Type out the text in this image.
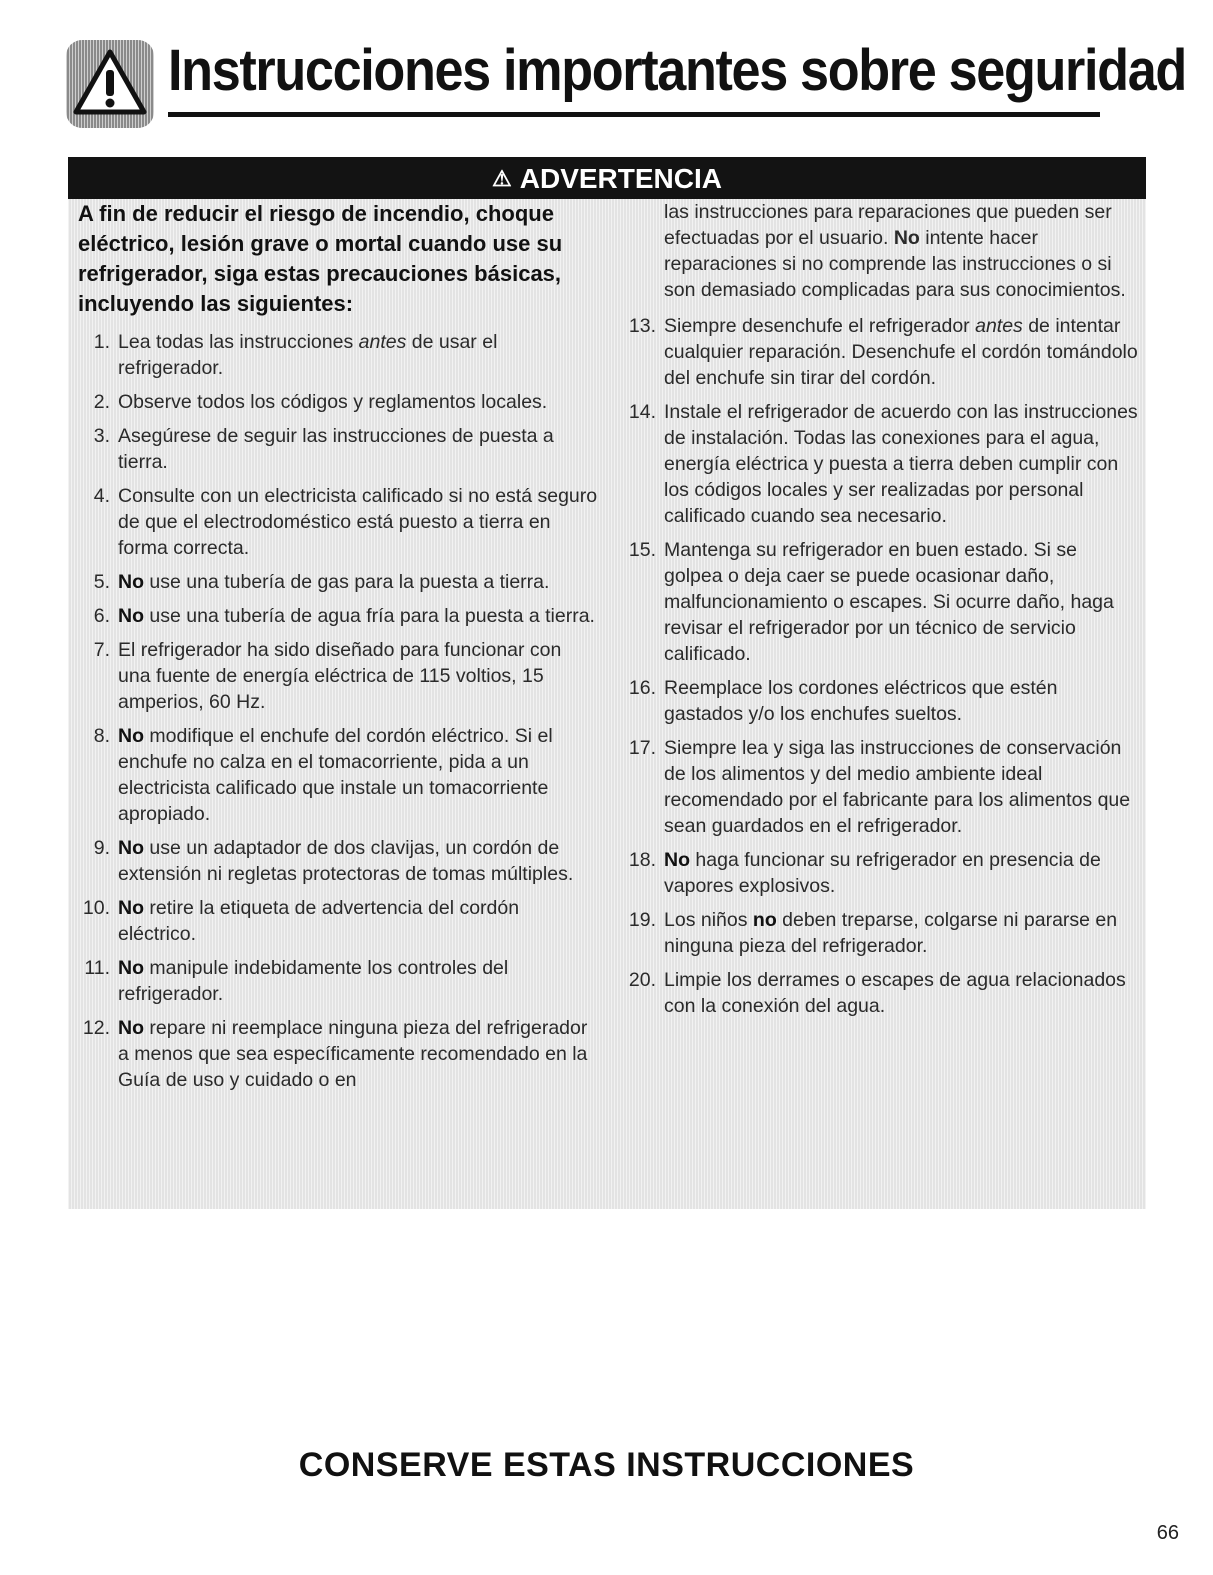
Instrucciones importantes sobre seguridad
⚠ ADVERTENCIA

A fin de reducir el riesgo de incendio, choque eléctrico, lesión grave o mortal cuando use su refrigerador, siga estas precauciones básicas, incluyendo las siguientes:

1. Lea todas las instrucciones antes de usar el refrigerador.
2. Observe todos los códigos y reglamentos locales.
3. Asegúrese de seguir las instrucciones de puesta a tierra.
4. Consulte con un electricista calificado si no está seguro de que el electrodoméstico está puesto a tierra en forma correcta.
5. No use una tubería de gas para la puesta a tierra.
6. No use una tubería de agua fría para la puesta a tierra.
7. El refrigerador ha sido diseñado para funcionar con una fuente de energía eléctrica de 115 voltios, 15 amperios, 60 Hz.
8. No modifique el enchufe del cordón eléctrico. Si el enchufe no calza en el tomacorriente, pida a un electricista calificado que instale un tomacorriente apropiado.
9. No use un adaptador de dos clavijas, un cordón de extensión ni regletas protectoras de tomas múltiples.
10. No retire la etiqueta de advertencia del cordón eléctrico.
11. No manipule indebidamente los controles del refrigerador.
12. No repare ni reemplace ninguna pieza del refrigerador a menos que sea específicamente recomendado en la Guía de uso y cuidado o en
las instrucciones para reparaciones que pueden ser efectuadas por el usuario. No intente hacer reparaciones si no comprende las instrucciones o si son demasiado complicadas para sus conocimientos.
13. Siempre desenchufe el refrigerador antes de intentar cualquier reparación. Desenchufe el cordón tomándolo del enchufe sin tirar del cordón.
14. Instale el refrigerador de acuerdo con las instrucciones de instalación. Todas las conexiones para el agua, energía eléctrica y puesta a tierra deben cumplir con los códigos locales y ser realizadas por personal calificado cuando sea necesario.
15. Mantenga su refrigerador en buen estado. Si se golpea o deja caer se puede ocasionar daño, malfuncionamiento o escapes. Si ocurre daño, haga revisar el refrigerador por un técnico de servicio calificado.
16. Reemplace los cordones eléctricos que estén gastados y/o los enchufes sueltos.
17. Siempre lea y siga las instrucciones de conservación de los alimentos y del medio ambiente ideal recomendado por el fabricante para los alimentos que sean guardados en el refrigerador.
18. No haga funcionar su refrigerador en presencia de vapores explosivos.
19. Los niños no deben treparse, colgarse ni pararse en ninguna pieza del refrigerador.
20. Limpie los derrames o escapes de agua relacionados con la conexión del agua.
CONSERVE ESTAS INSTRUCCIONES
66
